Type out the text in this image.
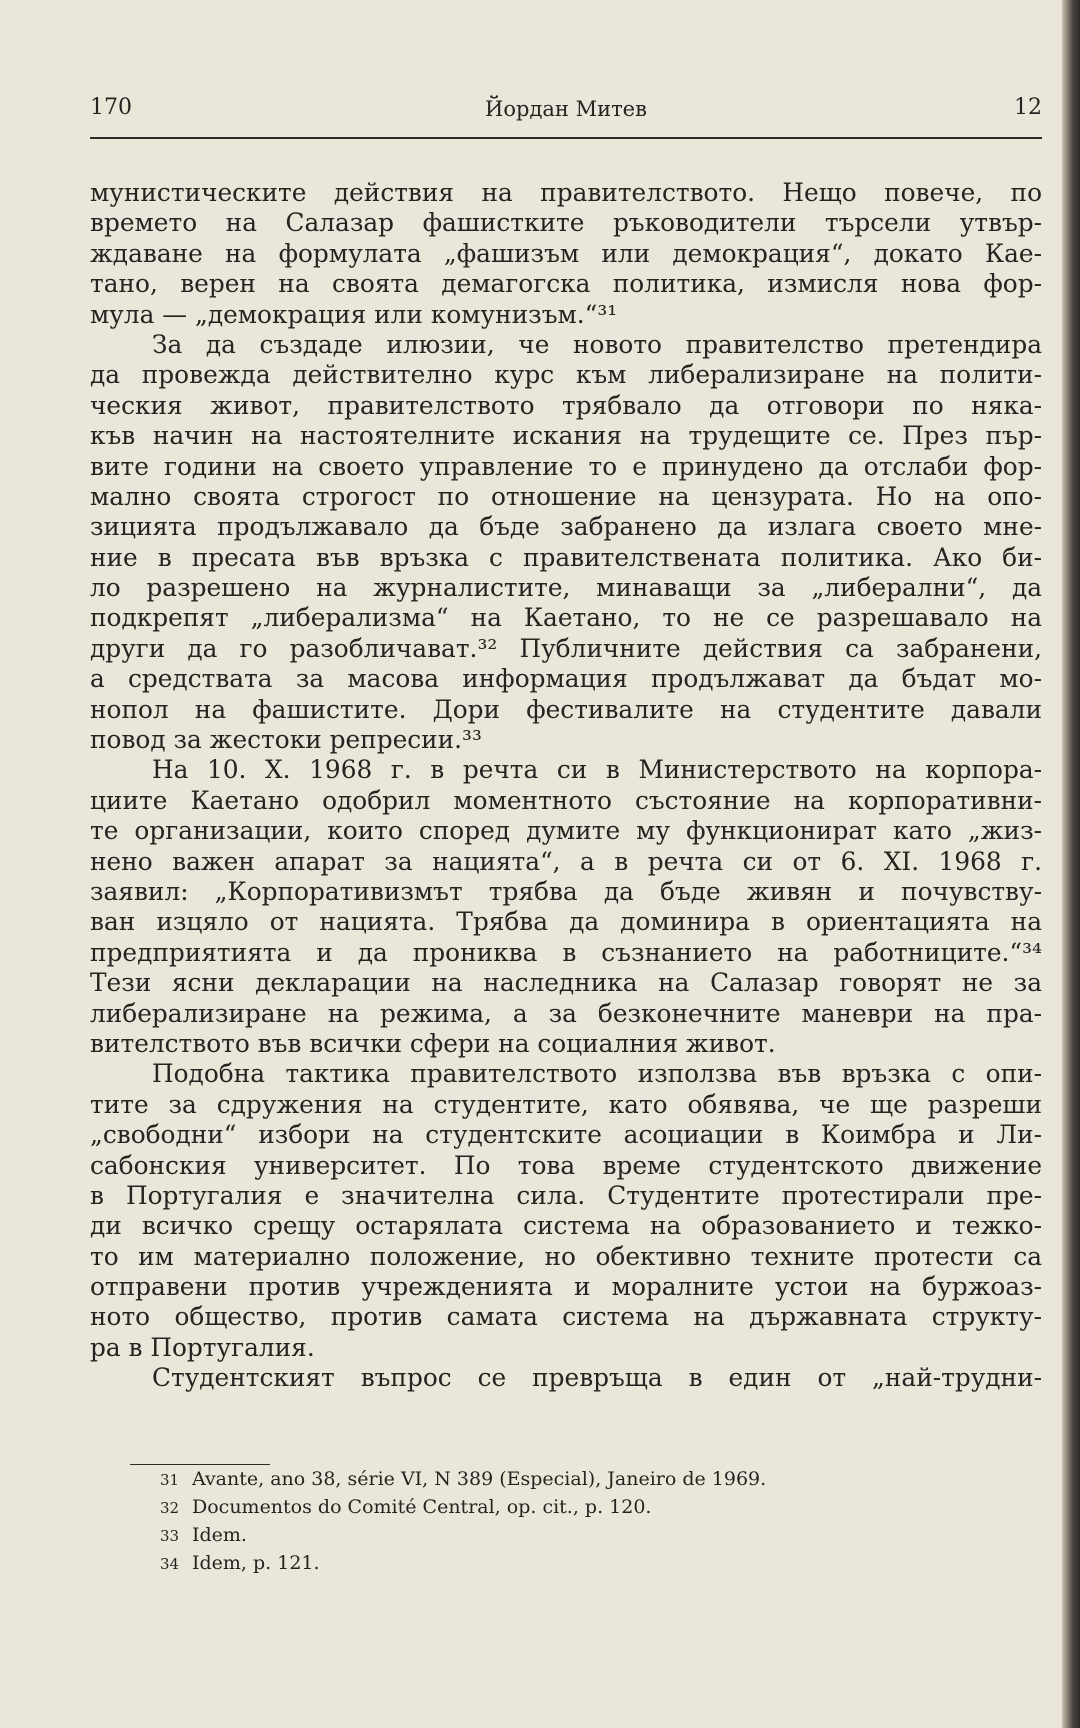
170	Йордан Митев	12
мунистическите действия на правителството. Нещо повече, по
времето на Салазар фашистките ръководители търсели утвър-
ждаване на формулата „фашизъм или демокрация“, докато Кае-
тано, верен на своята демагогска политика, измисля нова фор-
мула — „демокрация или комунизъм.“³¹
За да създаде илюзии, че новото правителство претендира
да провежда действително курс към либерализиране на полити-
ческия живот, правителството трябвало да отговори по няка-
къв начин на настоятелните искания на трудещите се. През пър-
вите години на своето управление то е принудено да отслаби фор-
мално своята строгост по отношение на цензурата. Но на опо-
зицията продължавало да бъде забранено да излага своето мне-
ние в пресата във връзка с правителствената политика. Ако би-
ло разрешено на журналистите, минаващи за „либерални“, да
подкрепят „либерализма“ на Каетано, то не се разрешавало на
други да го разобличават.³² Публичните действия са забранени,
а средствата за масова информация продължават да бъдат мо-
нопол на фашистите. Дори фестивалите на студентите давали
повод за жестоки репресии.³³
На 10. X. 1968 г. в речта си в Министерството на корпора-
циите Каетано одобрил моментното състояние на корпоративни-
те организации, които според думите му функционират като „жиз-
нено важен апарат за нацията“, а в речта си от 6. XI. 1968 г.
заявил: „Корпоративизмът трябва да бъде живян и почувству-
ван изцяло от нацията. Трябва да доминира в ориентацията на
предприятията и да прониква в съзнанието на работниците.“³⁴
Тези ясни декларации на наследника на Салазар говорят не за
либерализиране на режима, а за безконечните маневри на пра-
вителството във всички сфери на социалния живот.
Подобна тактика правителството използва във връзка с опи-
тите за сдружения на студентите, като обявява, че ще разреши
„свободни“ избори на студентските асоциации в Коимбра и Ли-
сабонския университет. По това време студентското движение
в Португалия е значителна сила. Студентите протестирали пре-
ди всичко срещу остарялата система на образованието и тежко-
то им материално положение, но обективно техните протести са
отправени против учрежденията и моралните устои на буржоаз-
ното общество, против самата система на държавната структу-
ра в Португалия.
Студентският въпрос се превръща в един от „най-трудни-
31 Avante, ano 38, série VI, N 389 (Especial), Janeiro de 1969.
32 Documentos do Comité Central, op. cit., p. 120.
33 Idem.
34 Idem, p. 121.
